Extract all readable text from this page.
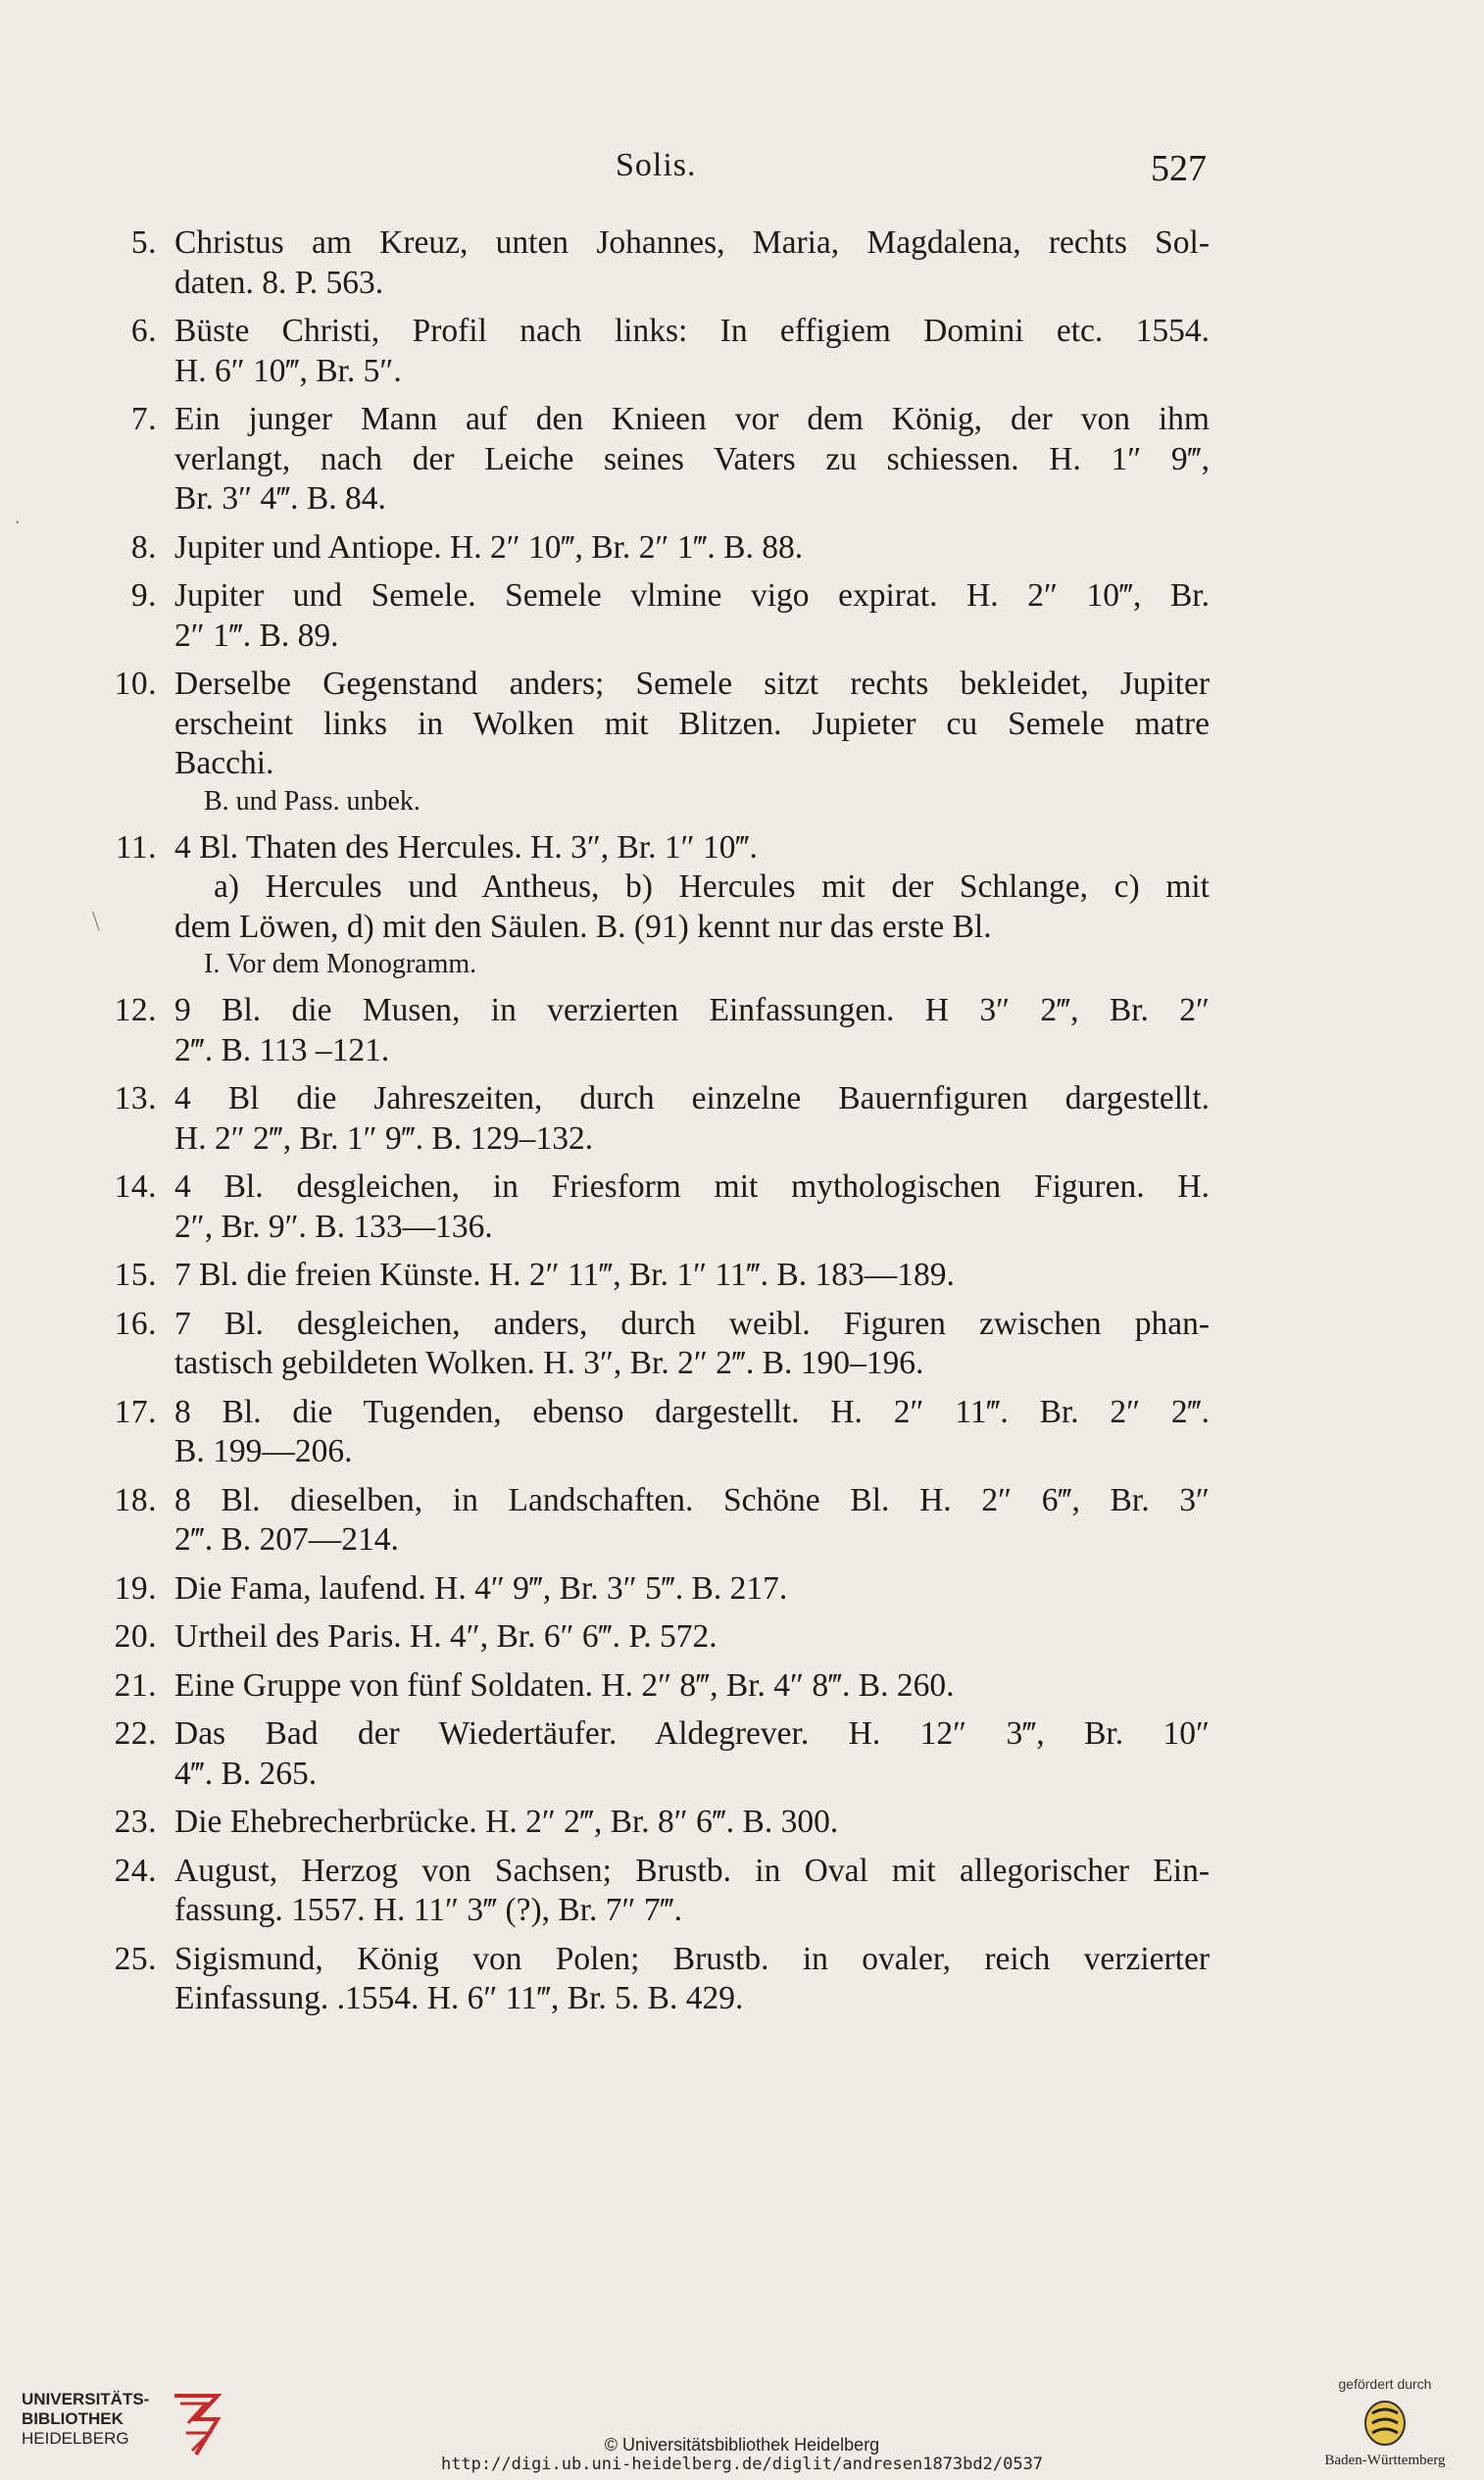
Solis.	527
5. Christus am Kreuz, unten Johannes, Maria, Magdalena, rechts Sol-
daten. 8. P. 563.
6. Büste Christi, Profil nach links: In effigiem Domini etc. 1554.
H. 6″ 10‴, Br. 5″.
7. Ein junger Mann auf den Knieen vor dem König, der von ihm
verlangt, nach der Leiche seines Vaters zu schiessen. H. 1″ 9‴,
Br. 3″ 4‴. B. 84.
8. Jupiter und Antiope. H. 2″ 10‴, Br. 2″ 1‴. B. 88.
9. Jupiter und Semele. Semele vlmine vigo expirat. H. 2″ 10‴, Br.
2″ 1‴. B. 89.
10. Derselbe Gegenstand anders; Semele sitzt rechts bekleidet, Jupiter
erscheint links in Wolken mit Blitzen. Jupieter cu Semele matre
Bacchi.
B. und Pass. unbek.
11. 4 Bl. Thaten des Hercules. H. 3″, Br. 1″ 10‴.
a) Hercules und Antheus, b) Hercules mit der Schlange, c) mit
dem Löwen, d) mit den Säulen. B. (91) kennt nur das erste Bl.
I. Vor dem Monogramm.
12. 9 Bl. die Musen, in verzierten Einfassungen. H 3″ 2‴, Br. 2″
2‴. B. 113 –121.
13. 4 Bl die Jahreszeiten, durch einzelne Bauernfiguren dargestellt.
H. 2″ 2‴, Br. 1″ 9‴. B. 129–132.
14. 4 Bl. desgleichen, in Friesform mit mythologischen Figuren. H.
2″, Br. 9″. B. 133—136.
15. 7 Bl. die freien Künste. H. 2″ 11‴, Br. 1″ 11‴. B. 183—189.
16. 7 Bl. desgleichen, anders, durch weibl. Figuren zwischen phan-
tastisch gebildeten Wolken. H. 3″, Br. 2″ 2‴. B. 190–196.
17. 8 Bl. die Tugenden, ebenso dargestellt. H. 2″ 11‴. Br. 2″ 2‴.
B. 199—206.
18. 8 Bl. dieselben, in Landschaften. Schöne Bl. H. 2″ 6‴, Br. 3″
2‴. B. 207—214.
19. Die Fama, laufend. H. 4″ 9‴, Br. 3″ 5‴. B. 217.
20. Urtheil des Paris. H. 4″, Br. 6″ 6‴. P. 572.
21. Eine Gruppe von fünf Soldaten. H. 2″ 8‴, Br. 4″ 8‴. B. 260.
22. Das Bad der Wiedertäufer. Aldegrever. H. 12″ 3‴, Br. 10″
4‴. B. 265.
23. Die Ehebrecherbrücke. H. 2″ 2‴, Br. 8″ 6‴. B. 300.
24. August, Herzog von Sachsen; Brustb. in Oval mit allegorischer Ein-
fassung. 1557. H. 11″ 3‴ (?), Br. 7″ 7‴.
25. Sigismund, König von Polen; Brustb. in ovaler, reich verzierter
Einfassung. .1554. H. 6″ 11‴, Br. 5. B. 429.
UNIVERSITÄTS-
BIBLIOTHEK
HEIDELBERG	© Universitätsbibliothek Heidelberg
http://digi.ub.uni-heidelberg.de/diglit/andresen1873bd2/0537
gefördert durch
Baden-Württemberg
\
·
